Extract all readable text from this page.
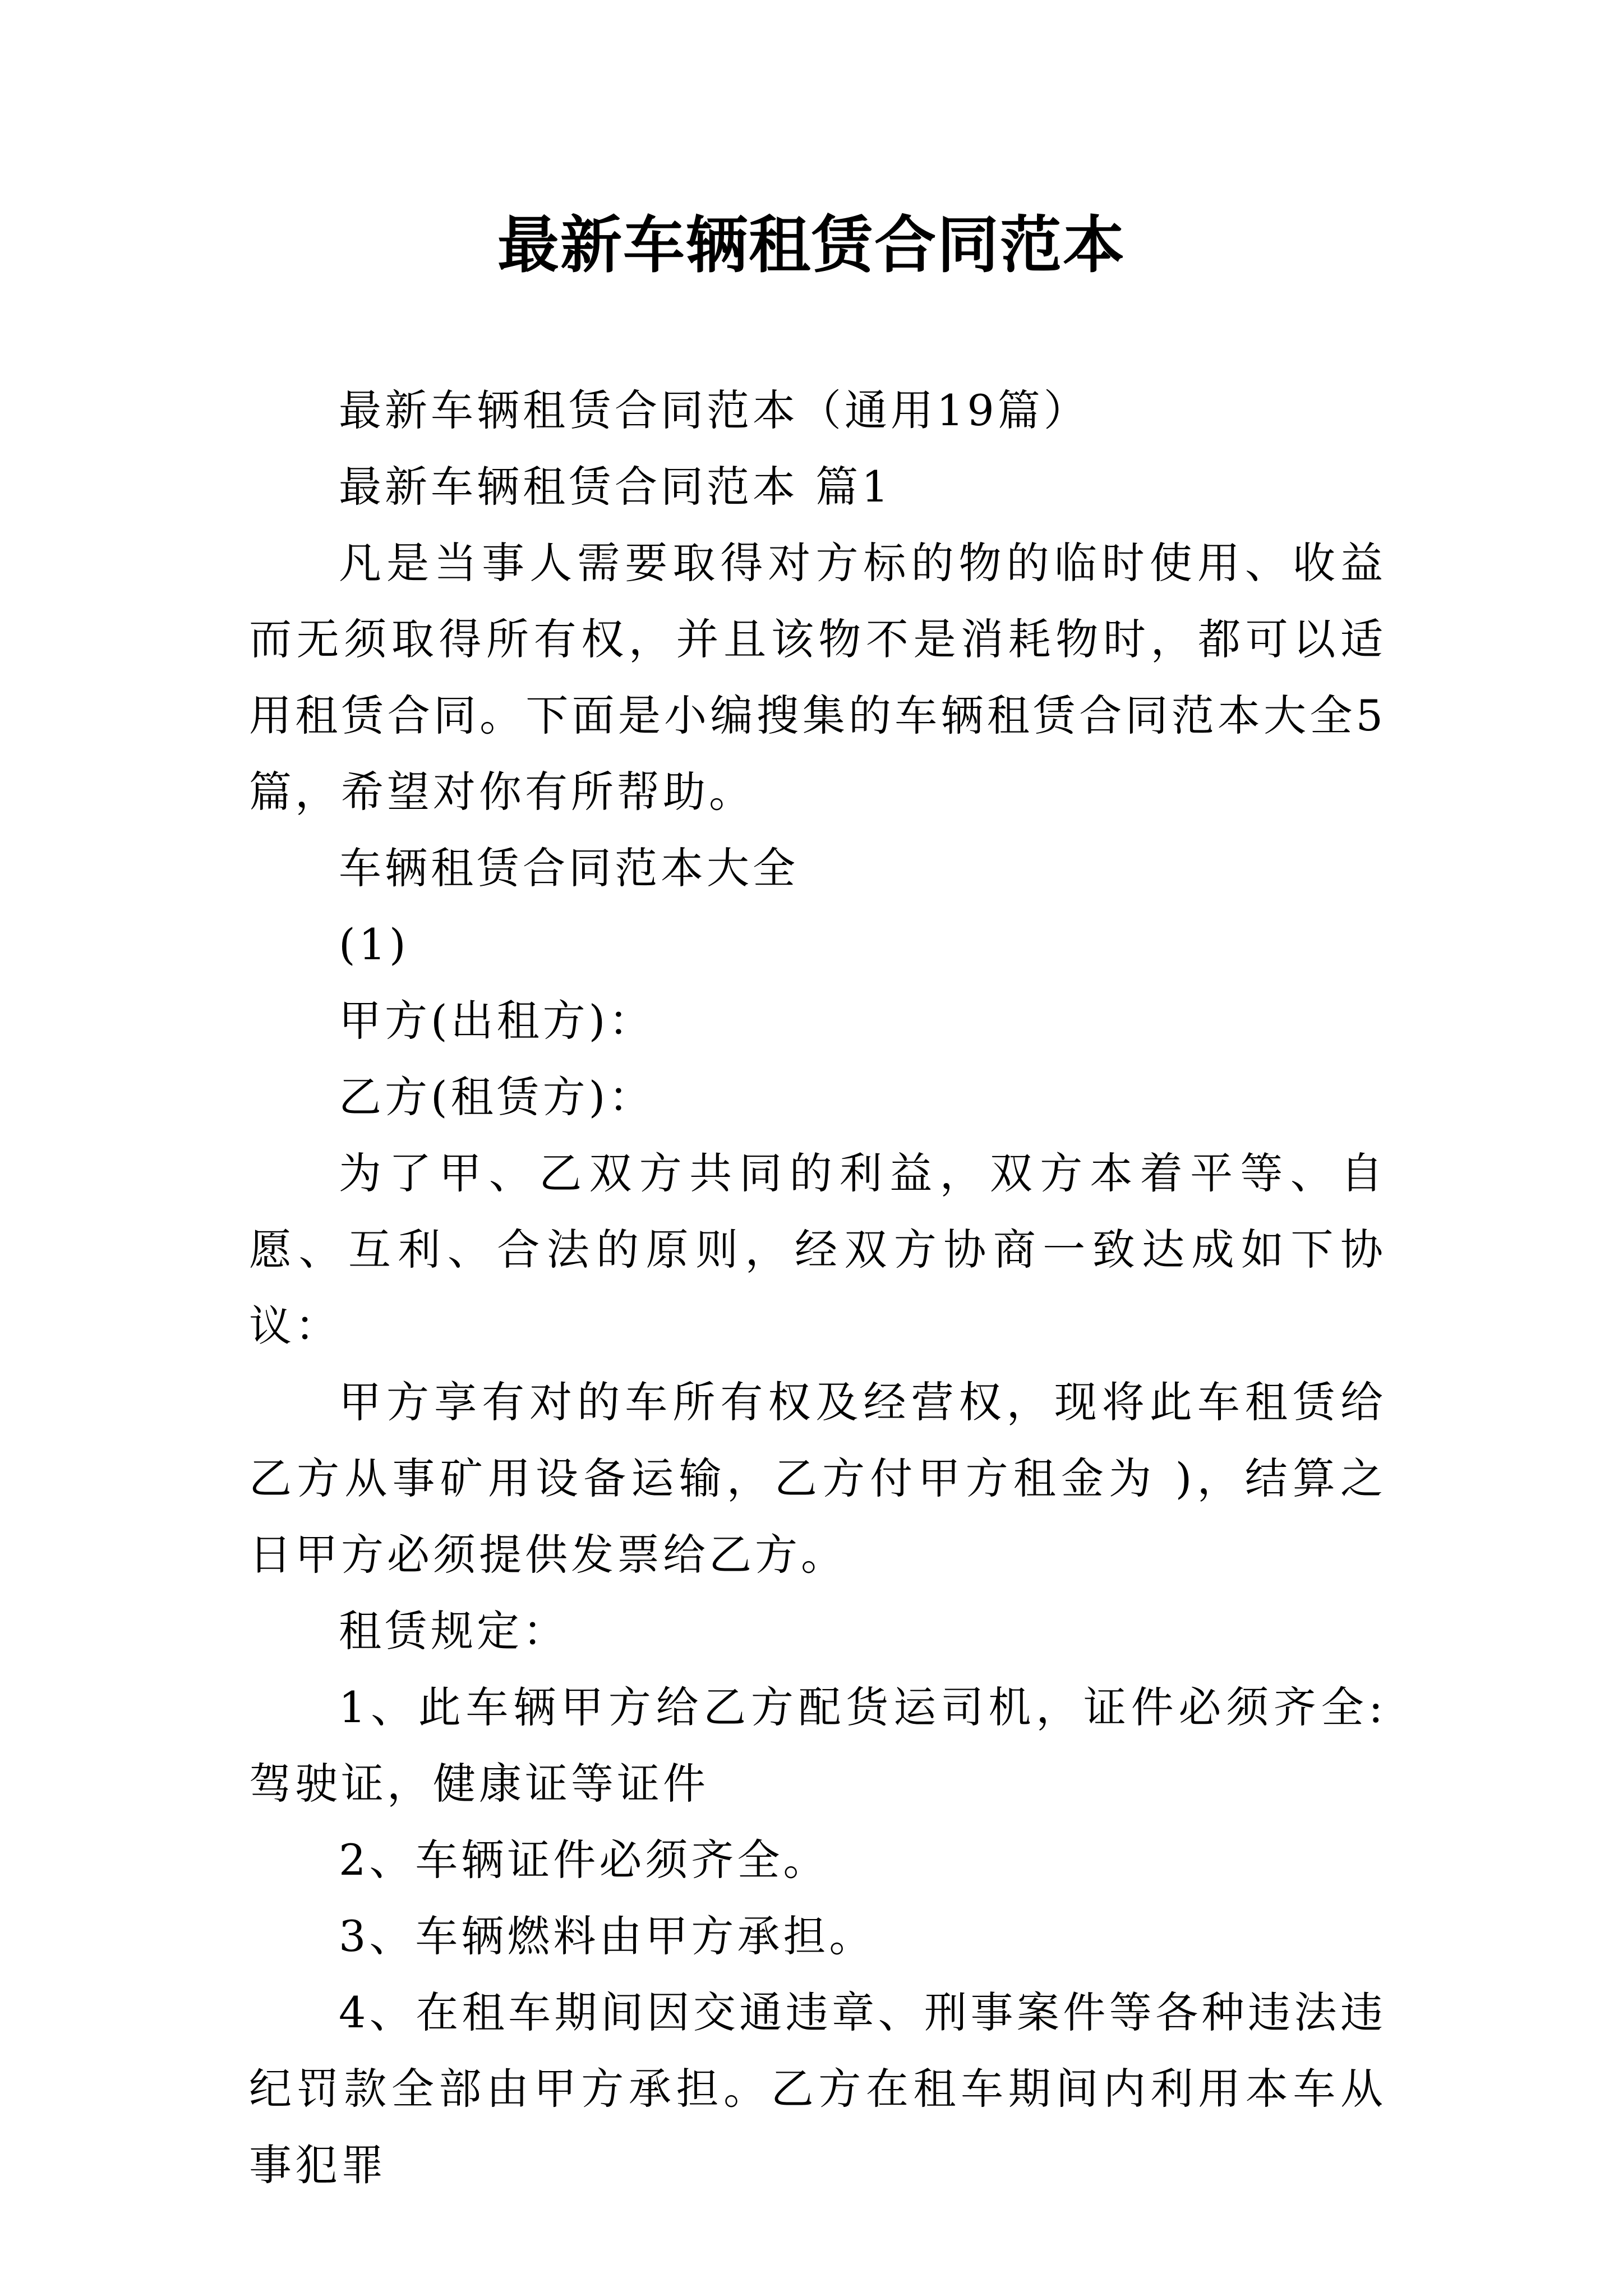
最新车辆租赁合同范本

最新车辆租赁合同范本（通用19篇）

最新车辆租赁合同范本 篇1

凡是当事人需要取得对方标的物的临时使用、收益而无须取得所有权，并且该物不是消耗物时，都可以适用租赁合同。下面是小编搜集的车辆租赁合同范本大全5篇，希望对你有所帮助。

车辆租赁合同范本大全

(1)

甲方(出租方)：

乙方(租赁方)：

为了甲、乙双方共同的利益，双方本着平等、自愿、互利、合法的原则，经双方协商一致达成如下协议：

甲方享有对的车所有权及经营权，现将此车租赁给乙方从事矿用设备运输，乙方付甲方租金为 )，结算之日甲方必须提供发票给乙方。

租赁规定：

1、此车辆甲方给乙方配货运司机，证件必须齐全:驾驶证，健康证等证件

2、车辆证件必须齐全。

3、车辆燃料由甲方承担。

4、在租车期间因交通违章、刑事案件等各种违法违纪罚款全部由甲方承担。乙方在租车期间内利用本车从事犯罪
